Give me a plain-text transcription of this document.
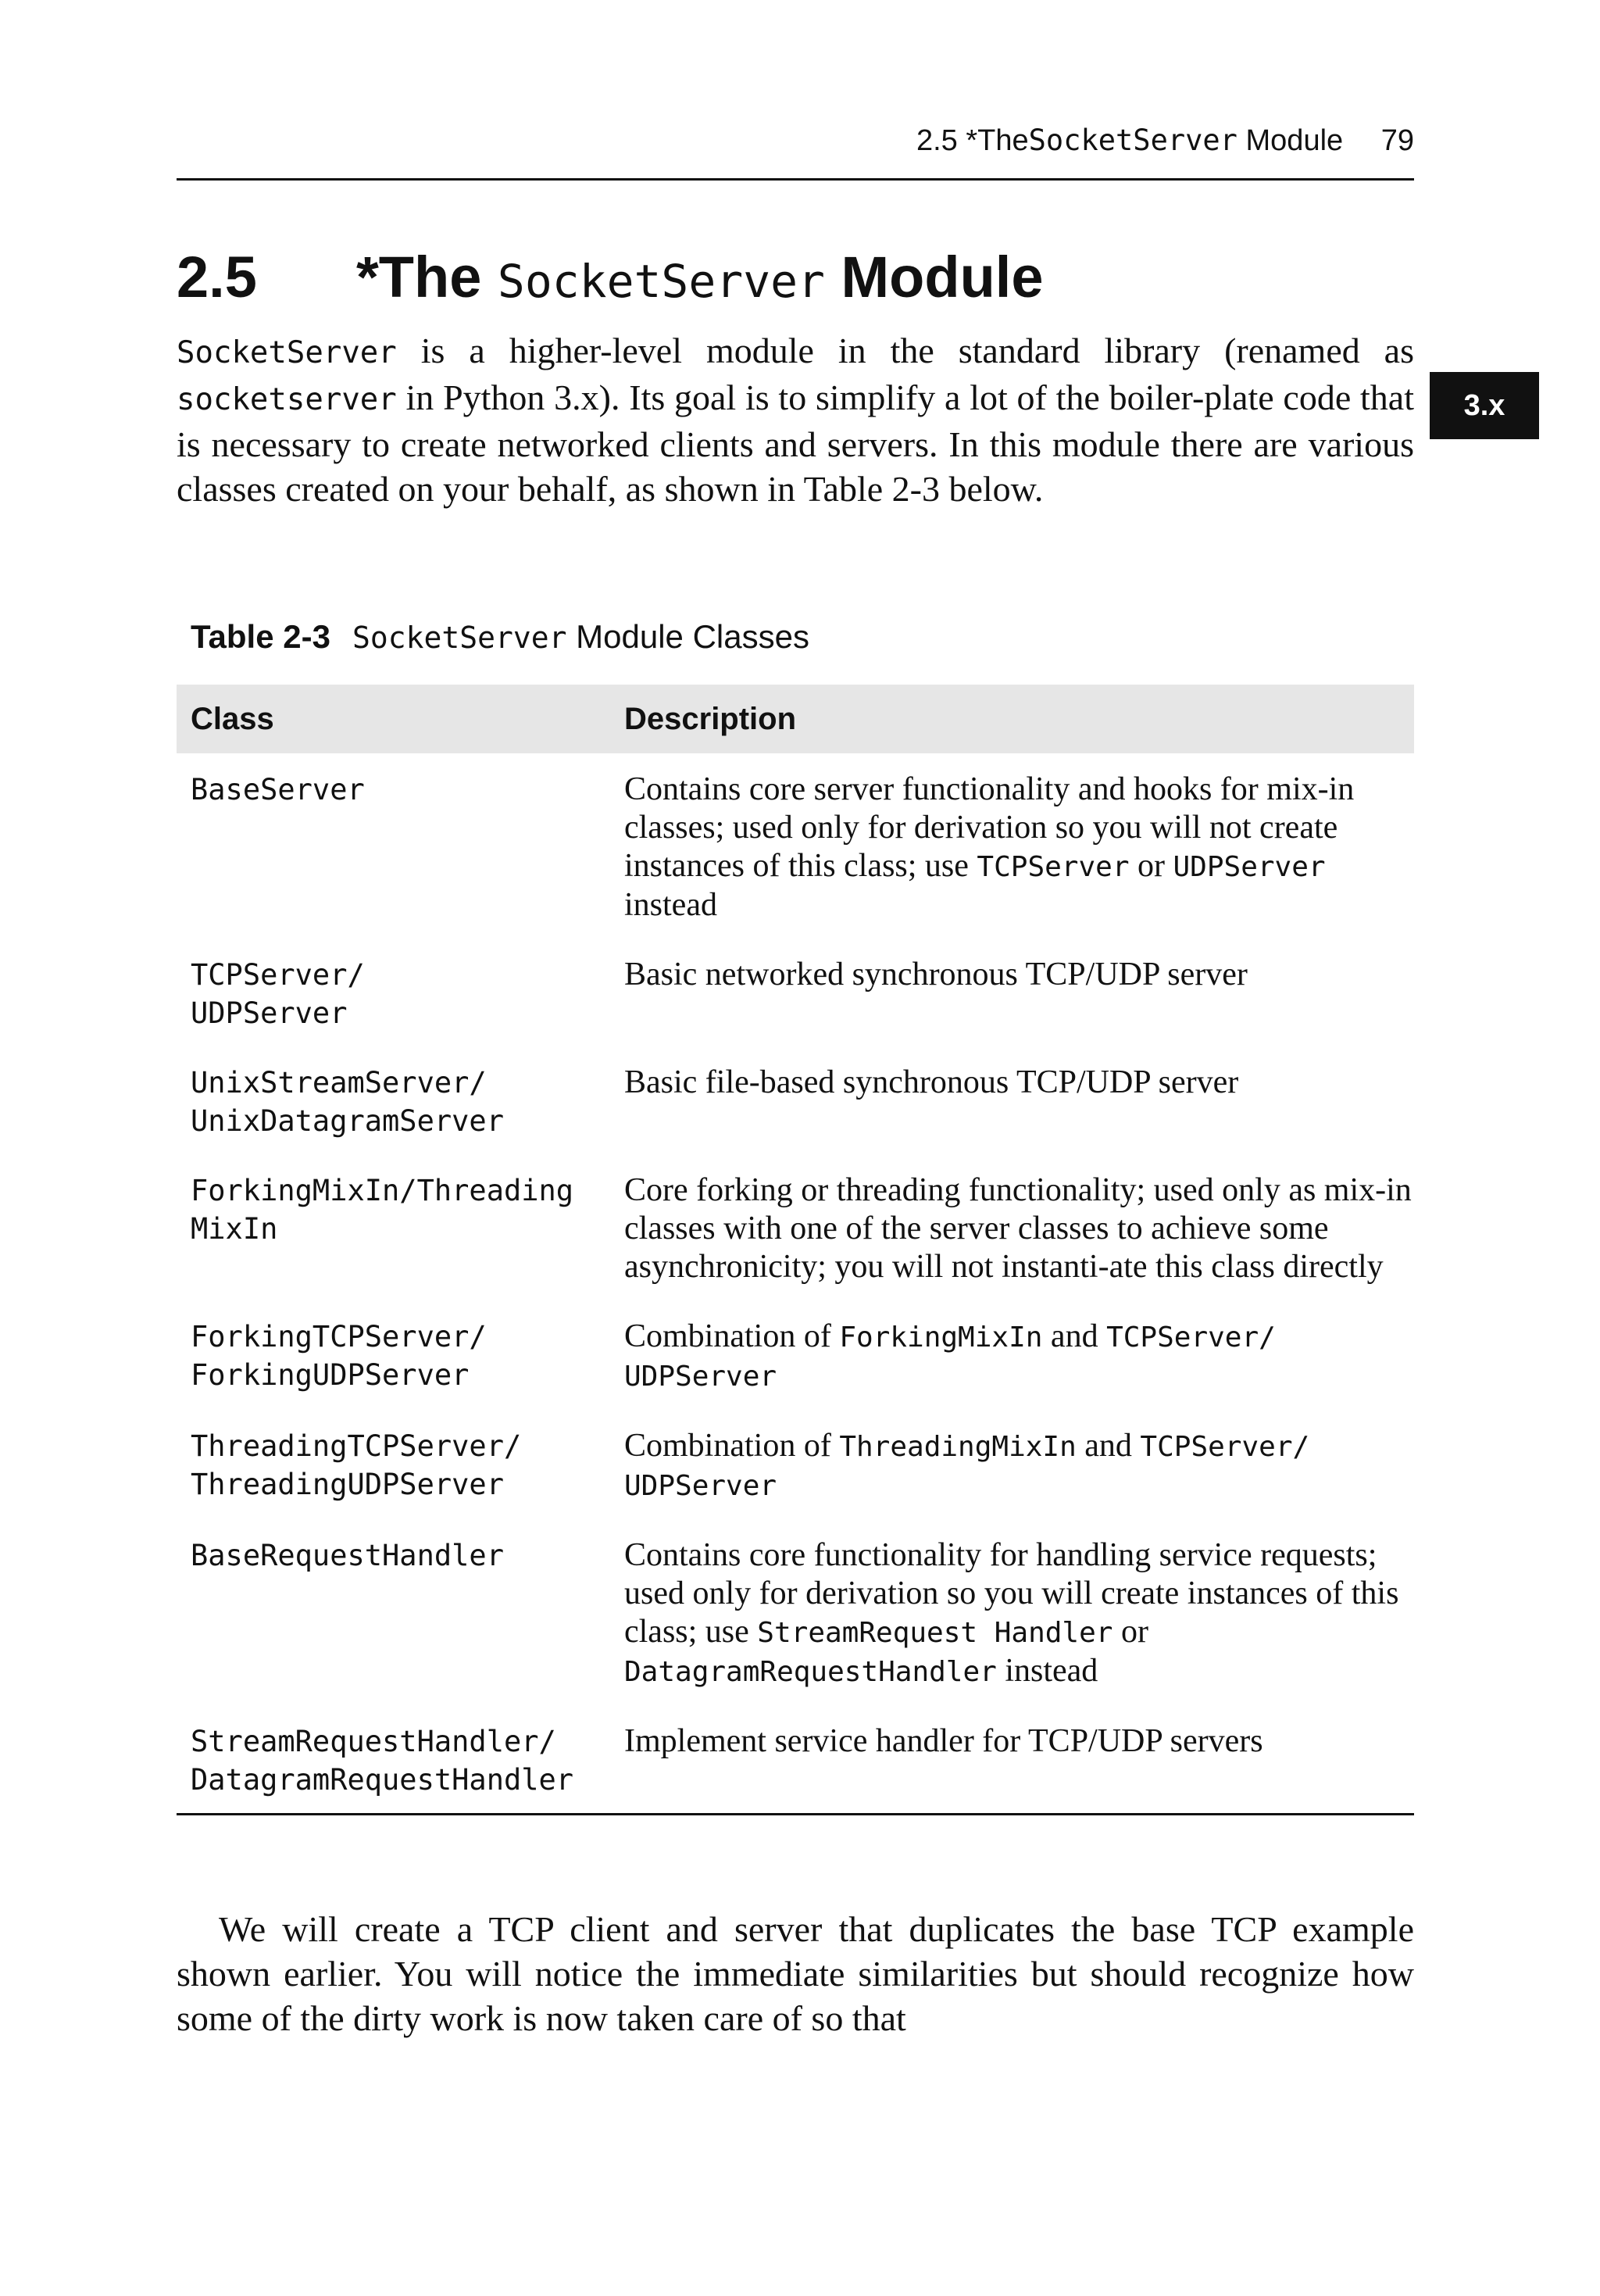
2.5 *TheSocketServer Module 79
3.x
2.5 *The SocketServer Module

SocketServer is a higher-level module in the standard library (renamed as socketserver in Python 3.x). Its goal is to simplify a lot of the boiler-plate code that is necessary to create networked clients and servers. In this module there are various classes created on your behalf, as shown in Table 2-3 below.

Table 2-3 SocketServer Module Classes
Class	Description
BaseServer	Contains core server functionality and hooks for mix-in classes; used only for derivation so you will not create instances of this class; use TCPServer or UDPServer instead
TCPServer/
UDPServer	Basic networked synchronous TCP/UDP server
UnixStreamServer/
UnixDatagramServer	Basic file-based synchronous TCP/UDP server
ForkingMixIn/Threading
MixIn	Core forking or threading functionality; used only as mix-in classes with one of the server classes to achieve some asynchronicity; you will not instanti-ate this class directly
ForkingTCPServer/
ForkingUDPServer	Combination of ForkingMixIn and TCPServer/ UDPServer
ThreadingTCPServer/
ThreadingUDPServer	Combination of ThreadingMixIn and TCPServer/ UDPServer
BaseRequestHandler	Contains core functionality for handling service requests; used only for derivation so you will create instances of this class; use StreamRequest Handler or DatagramRequestHandler instead
StreamRequestHandler/
DatagramRequestHandler	Implement service handler for TCP/UDP servers

We will create a TCP client and server that duplicates the base TCP example shown earlier. You will notice the immediate similarities but should recognize how some of the dirty work is now taken care of so that
